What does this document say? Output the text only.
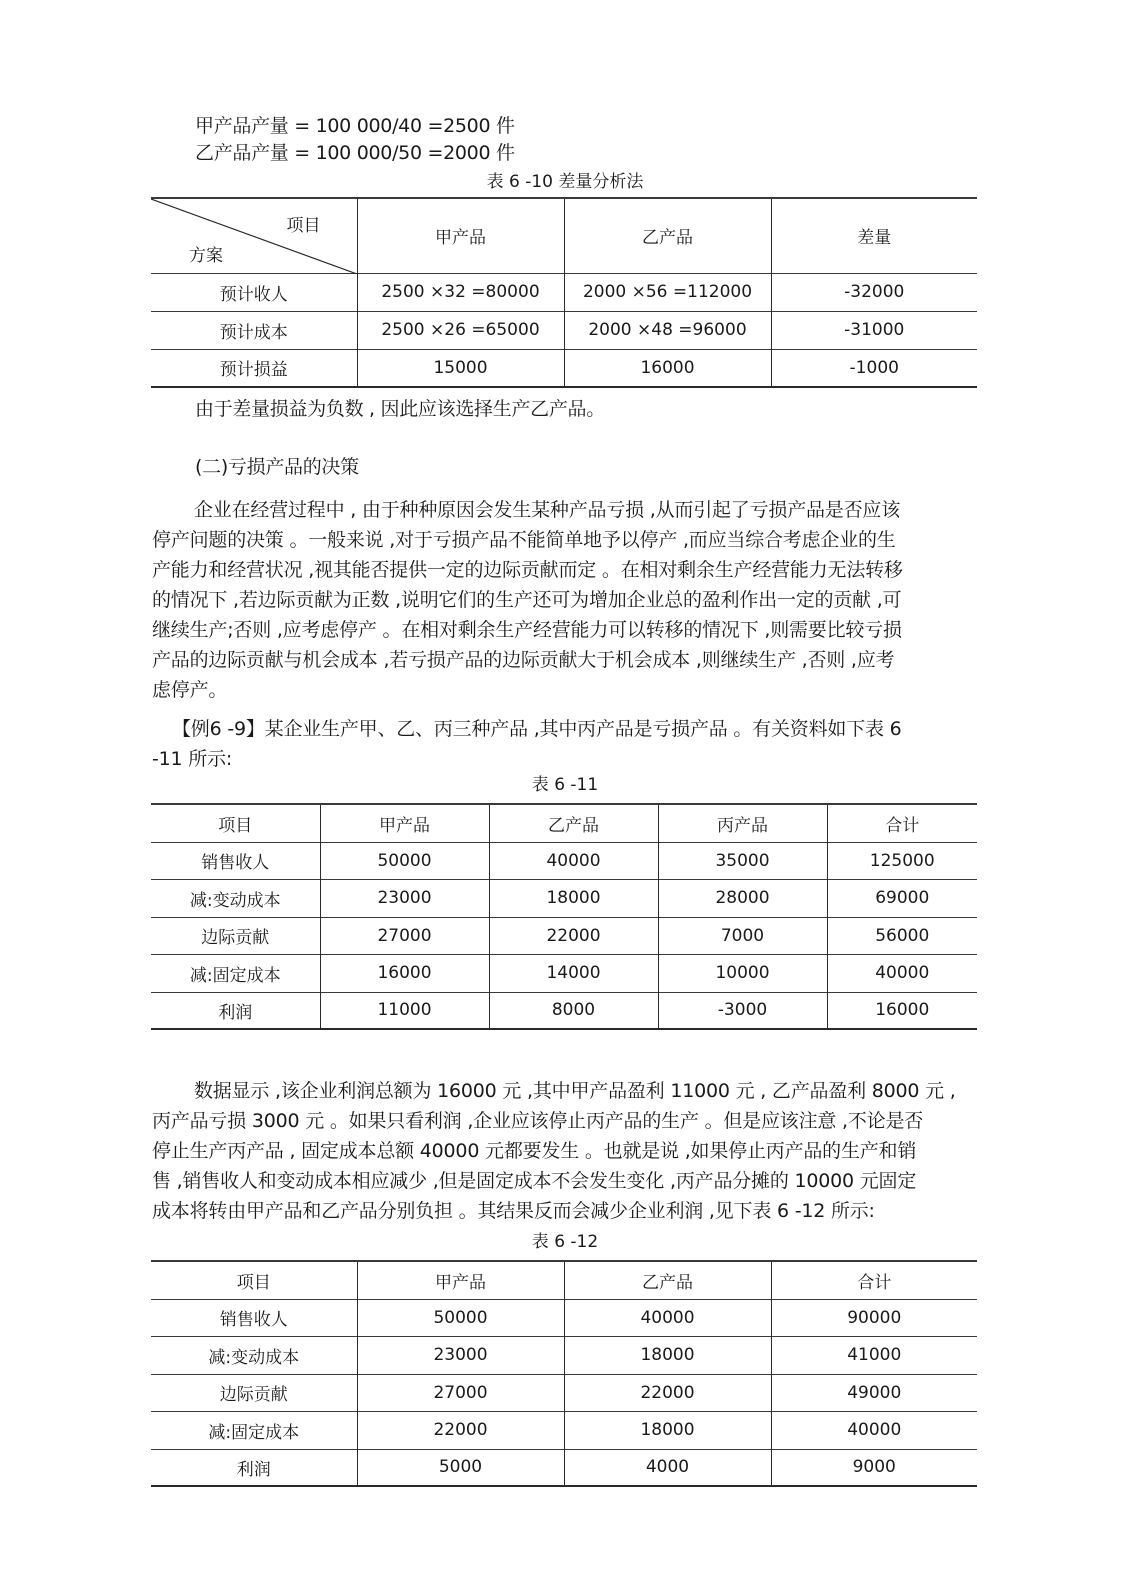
甲产品产量 = 100 000/40 =2500 件
乙产品产量 = 100 000/50 =2000 件
表 6 -10 差量分析法
项目
方案	甲产品	乙产品	差量
预计收人	2500 ×32 =80000	2000 ×56 =112000	-32000
预计成本	2500 ×26 =65000	2000 ×48 =96000	-31000
预计损益	15000	16000	-1000
由于差量损益为负数 , 因此应该选择生产乙产品。
(二)亏损产品的决策
企业在经营过程中 , 由于种种原因会发生某种产品亏损 ,从而引起了亏损产品是否应该
停产问题的决策 。一般来说 ,对于亏损产品不能简单地予以停产 ,而应当综合考虑企业的生
产能力和经营状况 ,视其能否提供一定的边际贡献而定 。在相对剩余生产经营能力无法转移
的情况下 ,若边际贡献为正数 ,说明它们的生产还可为增加企业总的盈利作出一定的贡献 ,可
继续生产;否则 ,应考虑停产 。在相对剩余生产经营能力可以转移的情况下 ,则需要比较亏损
产品的边际贡献与机会成本 ,若亏损产品的边际贡献大于机会成本 ,则继续生产 ,否则 ,应考
虑停产。
【例6 -9】某企业生产甲、乙、丙三种产品 ,其中丙产品是亏损产品 。有关资料如下表 6
-11 所示:
表 6 -11
项目	甲产品	乙产品	丙产品	合计
销售收人	50000	40000	35000	125000
减:变动成本	23000	18000	28000	69000
边际贡献	27000	22000	7000	56000
减:固定成本	16000	14000	10000	40000
利润	11000	8000	-3000	16000
数据显示 ,该企业利润总额为 16000 元 ,其中甲产品盈利 11000 元 , 乙产品盈利 8000 元 ,
丙产品亏损 3000 元 。如果只看利润 ,企业应该停止丙产品的生产 。但是应该注意 ,不论是否
停止生产丙产品 , 固定成本总额 40000 元都要发生 。也就是说 ,如果停止丙产品的生产和销
售 ,销售收人和变动成本相应减少 ,但是固定成本不会发生变化 ,丙产品分摊的 10000 元固定
成本将转由甲产品和乙产品分别负担 。其结果反而会减少企业利润 ,见下表 6 -12 所示:
表 6 -12
项目	甲产品	乙产品	合计
销售收人	50000	40000	90000
减:变动成本	23000	18000	41000
边际贡献	27000	22000	49000
减:固定成本	22000	18000	40000
利润	5000	4000	9000
